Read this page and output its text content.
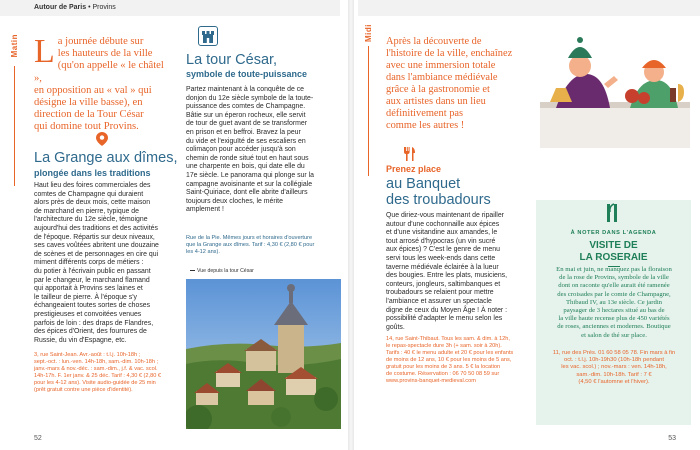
Autour de Paris • Provins
Matin L a journée débute sur
les hauteurs de la ville
(qu'on appelle « le châtel »,
en opposition au « val » qui
désigne la ville basse), en
direction de la Tour César
qui domine tout Provins.
La Grange aux dîmes,
plongée dans les traditions
Haut lieu des foires commerciales des
comtes de Champagne qui duraient
alors près de deux mois, cette maison
de marchand en pierre, typique de
l'architecture du 12e siècle, témoigne
aujourd'hui des traditions et des activités
de l'époque. Répartis sur deux niveaux,
ses caves voûtées abritent une douzaine
de scènes et de personnages en cire qui
miment différents corps de métiers :
du potier à l'écrivain public en passant
par le changeur, le marchand flamand
qui apportait à Provins ses laines et
le tailleur de pierre. À l'époque s'y
échangeaient toutes sortes de choses
prestigieuses et convoitées venues
parfois de loin : des draps de Flandres,
des épices d'Orient, des fourrures de
Russie, du vin d'Espagne, etc.
3, rue Saint-Jean. Avr.-août : t.l.j. 10h-18h ;
sept.-oct. : lun.-ven. 14h-18h, sam.-dim. 10h-18h ;
janv.-mars & nov.-déc. : sam.-dim., j.f. & vac. scol.
14h-17h. F. 1er janv. & 25 déc. Tarif : 4,30 € (2,80 €
pour les 4-12 ans). Visite audio-guidée de 25 min
(prêt gratuit contre une pièce d'identité).
La tour César,
symbole de toute-puissance
Partez maintenant à la conquête de ce
donjon du 12e siècle symbole de la toute-
puissance des comtes de Champagne.
Bâtie sur un éperon rocheux, elle servit
de tour de guet avant de se transformer
en prison et en beffroi. Bravez la peur
du vide et l'exiguïté de ses escaliers en
colimaçon pour accéder jusqu'à son
chemin de ronde situé tout en haut sous
une charpente en bois, qui date elle du
17e siècle. Le panorama qui plonge sur la
campagne avoisinante et sur la collégiale
Saint-Quiriace, dont elle abrite d'ailleurs
toujours deux cloches, le mérite
amplement !
Rue de la Pie. Mêmes jours et horaires d'ouverture
que la Grange aux dîmes. Tarif : 4,30 € (2,80 € pour
les 4-12 ans).
Vue depuis la tour César
52
Midi Après la découverte de
l'histoire de la ville, enchaînez
avec une immersion totale
dans l'ambiance médiévale
grâce à la gastronomie et
aux artistes dans un lieu
définitivement pas
comme les autres !
Prenez place
au Banquet
des troubadours
Que diriez-vous maintenant de ripailler
autour d'une cochonnaille aux épices
et d'une visitandine aux amandes, le
tout arrosé d'hypocras (un vin sucré
aux épices) ? C'est le genre de menu
servi tous les week-ends dans cette
taverne médiévale éclairée à la lueur
des bougies. Entre les plats, musiciens,
conteurs, jongleurs, saltimbanques et
troubadours se relaient pour mettre
l'ambiance et assurer un spectacle
digne de ceux du Moyen Âge ! À noter :
possibilité d'adapter le menu selon les
goûts.
14, rue Saint-Thibaut. Tous les sam. & dim. à 12h,
le repas-spectacle dure 3h (+ sam. soir à 20h).
Tarifs : 40 € le menu adulte et 20 € pour les enfants
de moins de 12 ans, 10 € pour les moins de 5 ans,
gratuit pour les moins de 3 ans. 5 € la location
de costume. Réservation : 06 70 50 08 59 sur
www.provins-banquet-medieval.com
À NOTER DANS L'AGENDA
VISITE DE
LA ROSERAIE
En mai et juin, ne manquez pas la floraison
de la rose de Provins, symbole de la ville
dont on raconte qu'elle aurait été ramenée
des croisades par le comte de Champagne,
Thibaud IV, au 13e siècle. Ce jardin
paysager de 3 hectares situé au bas de
la ville haute recense plus de 450 variétés
de roses, anciennes et modernes. Boutique
et salon de thé sur place.
11, rue des Prés. 01 60 58 05 78. Fin mars à fin
oct. : t.l.j. 10h-19h30 (10h-18h pendant
les vac. scol.) ; nov.-mars : ven. 14h-18h,
sam.-dim. 10h-18h. Tarif : 7 €
(4,50 € l'automne et l'hiver).
53
